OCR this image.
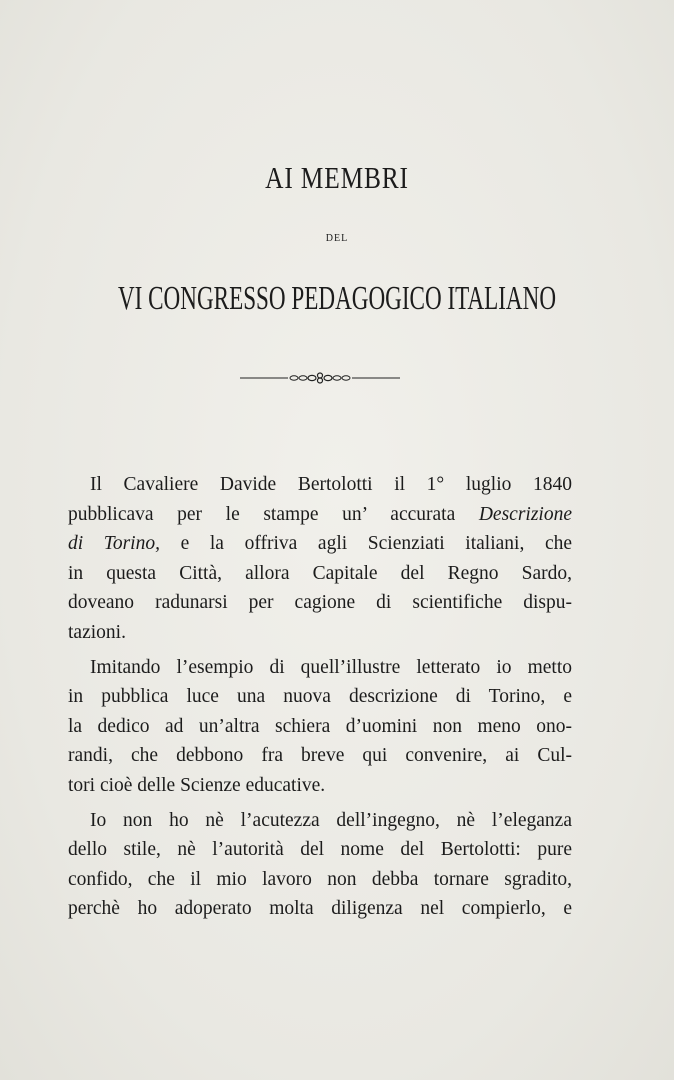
AI MEMBRI
DEL
VI CONGRESSO PEDAGOGICO ITALIANO
Il Cavaliere Davide Bertolotti il 1° luglio 1840
pubblicava per le stampe un’ accurata Descrizione
di Torino, e la offriva agli Scienziati italiani, che
in questa Città, allora Capitale del Regno Sardo,
doveano radunarsi per cagione di scientifiche dispu-
tazioni.
Imitando l’esempio di quell’illustre letterato io metto
in pubblica luce una nuova descrizione di Torino, e
la dedico ad un’altra schiera d’uomini non meno ono-
randi, che debbono fra breve qui convenire, ai Cul-
tori cioè delle Scienze educative.
Io non ho nè l’acutezza dell’ingegno, nè l’eleganza
dello stile, nè l’autorità del nome del Bertolotti: pure
confido, che il mio lavoro non debba tornare sgradito,
perchè ho adoperato molta diligenza nel compierlo, e
